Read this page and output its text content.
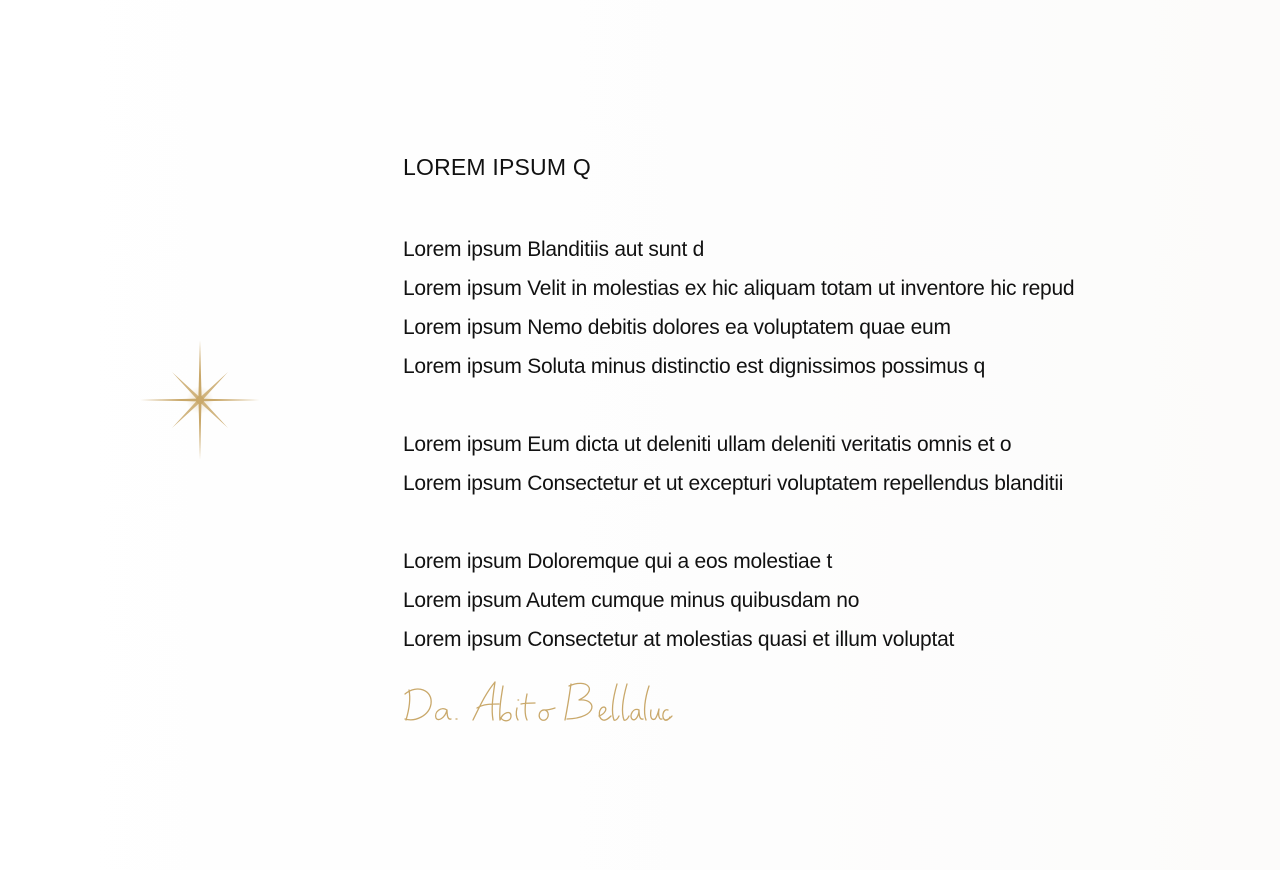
LOREM IPSUM Q
Lorem ipsum Blanditiis aut sunt d
Lorem ipsum Velit in molestias ex hic aliquam totam ut inventore hic repud
Lorem ipsum Nemo debitis dolores ea voluptatem quae eum
Lorem ipsum Soluta minus distinctio est dignissimos possimus q
Lorem ipsum Eum dicta ut deleniti ullam deleniti veritatis omnis et o
Lorem ipsum Consectetur et ut excepturi voluptatem repellendus blanditii
Lorem ipsum Doloremque qui a eos molestiae t
Lorem ipsum Autem cumque minus quibusdam no
Lorem ipsum Consectetur at molestias quasi et illum voluptat
